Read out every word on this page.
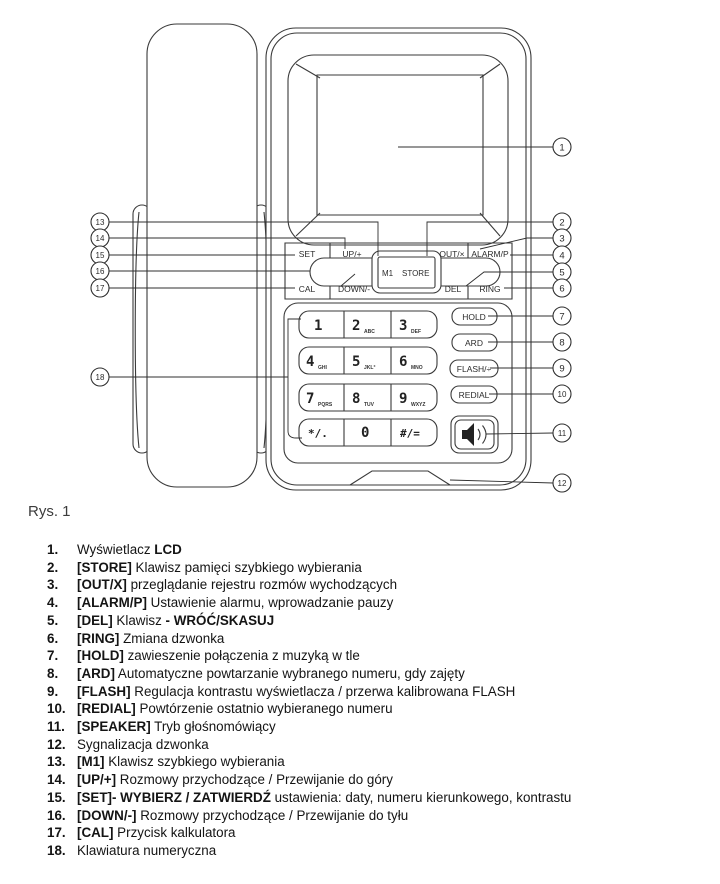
1 2 ABC 3 DEF
4 GHI 5 JKL° 6 MNO
7 PQRS 8 TUV 9 WXYZ
*/. 0	#/=
HOLD
ARD
FLASH/÷
REDIAL
SET
CAL
UP/+
DOWN/-
OUT/× ALARM/P
DEL RING
M1 STORE
1
2
3
4
5
6
7
8
9
10
11
12
13
14
15
16
17
18
Rys. 1
1.	Wyświetlacz LCD
2.	[STORE] Klawisz pamięci szybkiego wybierania
3.	[OUT/X] przeglądanie rejestru rozmów wychodzących
4.	[ALARM/P] Ustawienie alarmu, wprowadzanie pauzy
5.	[DEL] Klawisz - WRÓĆ/SKASUJ
6.	[RING] Zmiana dzwonka
7.	[HOLD] zawieszenie połączenia z muzyką w tle
8.	[ARD] Automatyczne powtarzanie wybranego numeru, gdy zajęty
9.	[FLASH] Regulacja kontrastu wyświetlacza / przerwa kalibrowana FLASH
10. [REDIAL] Powtórzenie ostatnio wybieranego numeru
11. [SPEAKER] Tryb głośnomówiący
12. Sygnalizacja dzwonka
13. [M1] Klawisz szybkiego wybierania
14. [UP/+] Rozmowy przychodzące / Przewijanie do góry
15. [SET]- WYBIERZ / ZATWIERDŹ ustawienia: daty, numeru kierunkowego, kontrastu
16. [DOWN/-] Rozmowy przychodzące / Przewijanie do tyłu
17. [CAL] Przycisk kalkulatora
18. Klawiatura numeryczna
